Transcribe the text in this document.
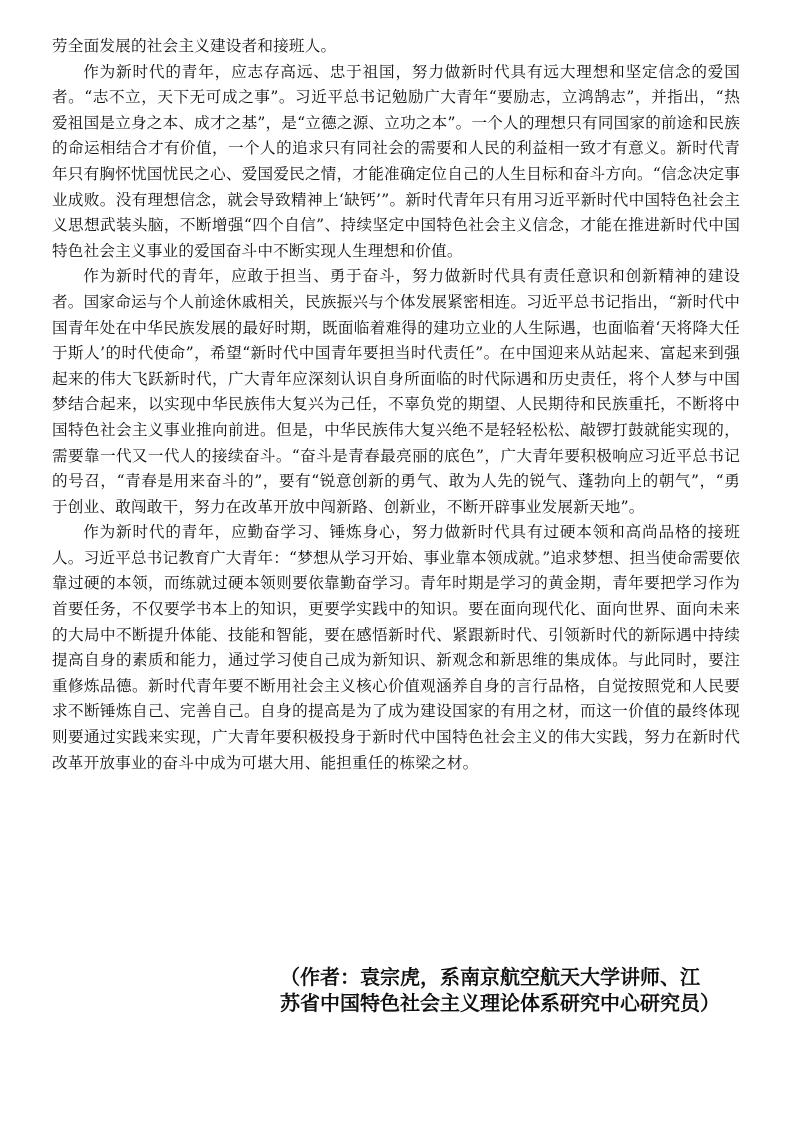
劳全面发展的社会主义建设者和接班人。

作为新时代的青年，应志存高远、忠于祖国，努力做新时代具有远大理想和坚定信念的爱国者。“志不立，天下无可成之事”。习近平总书记勉励广大青年“要励志，立鸿鹄志”，并指出，“热爱祖国是立身之本、成才之基”，是“立德之源、立功之本”。一个人的理想只有同国家的前途和民族的命运相结合才有价值，一个人的追求只有同社会的需要和人民的利益相一致才有意义。新时代青年只有胸怀忧国忧民之心、爱国爱民之情，才能准确定位自己的人生目标和奋斗方向。“信念决定事业成败。没有理想信念，就会导致精神上‘缺钙’”。新时代青年只有用习近平新时代中国特色社会主义思想武装头脑，不断增强“四个自信”、持续坚定中国特色社会主义信念，才能在推进新时代中国特色社会主义事业的爱国奋斗中不断实现人生理想和价值。

作为新时代的青年，应敢于担当、勇于奋斗，努力做新时代具有责任意识和创新精神的建设者。国家命运与个人前途休戚相关，民族振兴与个体发展紧密相连。习近平总书记指出，“新时代中国青年处在中华民族发展的最好时期，既面临着难得的建功立业的人生际遇，也面临着‘天将降大任于斯人’的时代使命”，希望“新时代中国青年要担当时代责任”。在中国迎来从站起来、富起来到强起来的伟大飞跃新时代，广大青年应深刻认识自身所面临的时代际遇和历史责任，将个人梦与中国梦结合起来，以实现中华民族伟大复兴为己任，不辜负党的期望、人民期待和民族重托，不断将中国特色社会主义事业推向前进。但是，中华民族伟大复兴绝不是轻轻松松、敲锣打鼓就能实现的，需要靠一代又一代人的接续奋斗。“奋斗是青春最亮丽的底色”，广大青年要积极响应习近平总书记的号召，“青春是用来奋斗的”，要有“锐意创新的勇气、敢为人先的锐气、蓬勃向上的朝气”，“勇于创业、敢闯敢干，努力在改革开放中闯新路、创新业，不断开辟事业发展新天地”。

作为新时代的青年，应勤奋学习、锤炼身心，努力做新时代具有过硬本领和高尚品格的接班人。习近平总书记教育广大青年：“梦想从学习开始、事业靠本领成就。”追求梦想、担当使命需要依靠过硬的本领，而练就过硬本领则要依靠勤奋学习。青年时期是学习的黄金期，青年要把学习作为首要任务，不仅要学书本上的知识，更要学实践中的知识。要在面向现代化、面向世界、面向未来的大局中不断提升体能、技能和智能，要在感悟新时代、紧跟新时代、引领新时代的新际遇中持续提高自身的素质和能力，通过学习使自己成为新知识、新观念和新思维的集成体。与此同时，要注重修炼品德。新时代青年要不断用社会主义核心价值观涵养自身的言行品格，自觉按照党和人民要求不断锤炼自己、完善自己。自身的提高是为了成为建设国家的有用之材，而这一价值的最终体现则要通过实践来实现，广大青年要积极投身于新时代中国特色社会主义的伟大实践，努力在新时代改革开放事业的奋斗中成为可堪大用、能担重任的栋梁之材。

（作者：袁宗虎，系南京航空航天大学讲师、江
苏省中国特色社会主义理论体系研究中心研究员）
